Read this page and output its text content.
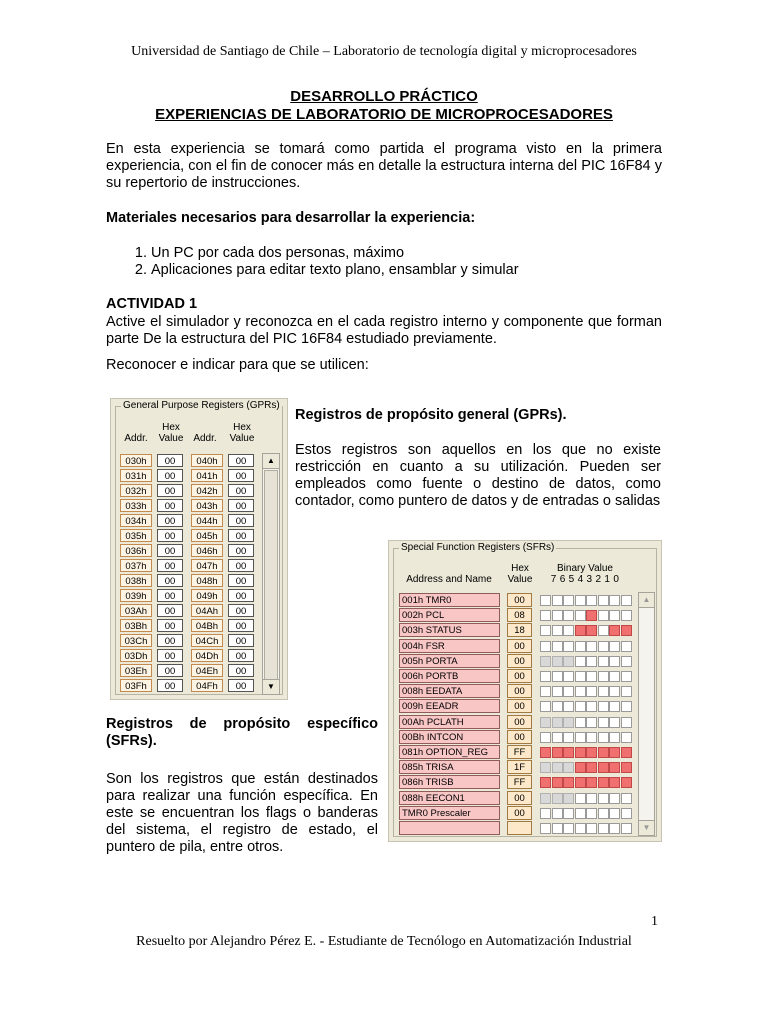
Universidad de Santiago de Chile – Laboratorio de tecnología digital y microprocesadores
DESARROLLO PRÁCTICO
EXPERIENCIAS DE LABORATORIO DE MICROPROCESADORES
En esta experiencia se tomará como partida el programa visto en la primera experiencia, con el fin de conocer más en detalle la estructura interna del PIC 16F84 y su repertorio de instrucciones.
Materiales necesarios para desarrollar la experiencia:
1. Un PC por cada dos personas, máximo
2. Aplicaciones para editar texto plano, ensamblar y simular
ACTIVIDAD 1
Active el simulador y reconozca en el cada registro interno y componente que forman parte De la estructura del PIC 16F84 estudiado previamente.
Reconocer e indicar para que se utilicen:
Registros de propósito general (GPRs).
Estos registros son aquellos en los que no existe restricción en cuanto a su utilización. Pueden ser empleados como fuente o destino de datos, como contador, como puntero de datos y de entradas o salidas
General Purpose Registers (GPRs)
Addr.
Hex
Value Addr.
Hex
Value
▲
▼
030h	00	040h	00
031h	00	041h	00
032h	00	042h	00
033h	00	043h	00
034h	00	044h	00
035h	00	045h	00
036h	00	046h	00
037h	00	047h	00
038h	00	048h	00
039h	00	049h	00
03Ah	00	04Ah	00
03Bh	00	04Bh	00
03Ch	00	04Ch	00
03Dh	00	04Dh	00
03Eh	00	04Eh	00
03Fh	00	04Fh	00
Registros de propósito específico (SFRs).
Son los registros que están destinados para realizar una función específica. En este se encuentran los flags o banderas del sistema, el registro de estado, el puntero de pila, entre otros.
Special Function Registers (SFRs)
Address and Name
Hex
Value
Binary Value
7 6 5 4 3 2 1 0
▲
▼
001h TMR0	00
002h PCL	08
003h STATUS	18
004h FSR	00
005h PORTA	00
006h PORTB	00
008h EEDATA	00
009h EEADR	00
00Ah PCLATH	00
00Bh INTCON	00
081h OPTION_REG	FF
085h TRISA	1F
086h TRISB	FF
088h EECON1	00
TMR0 Prescaler	00
1
Resuelto por Alejandro Pérez E. - Estudiante de Tecnólogo en Automatización Industrial
